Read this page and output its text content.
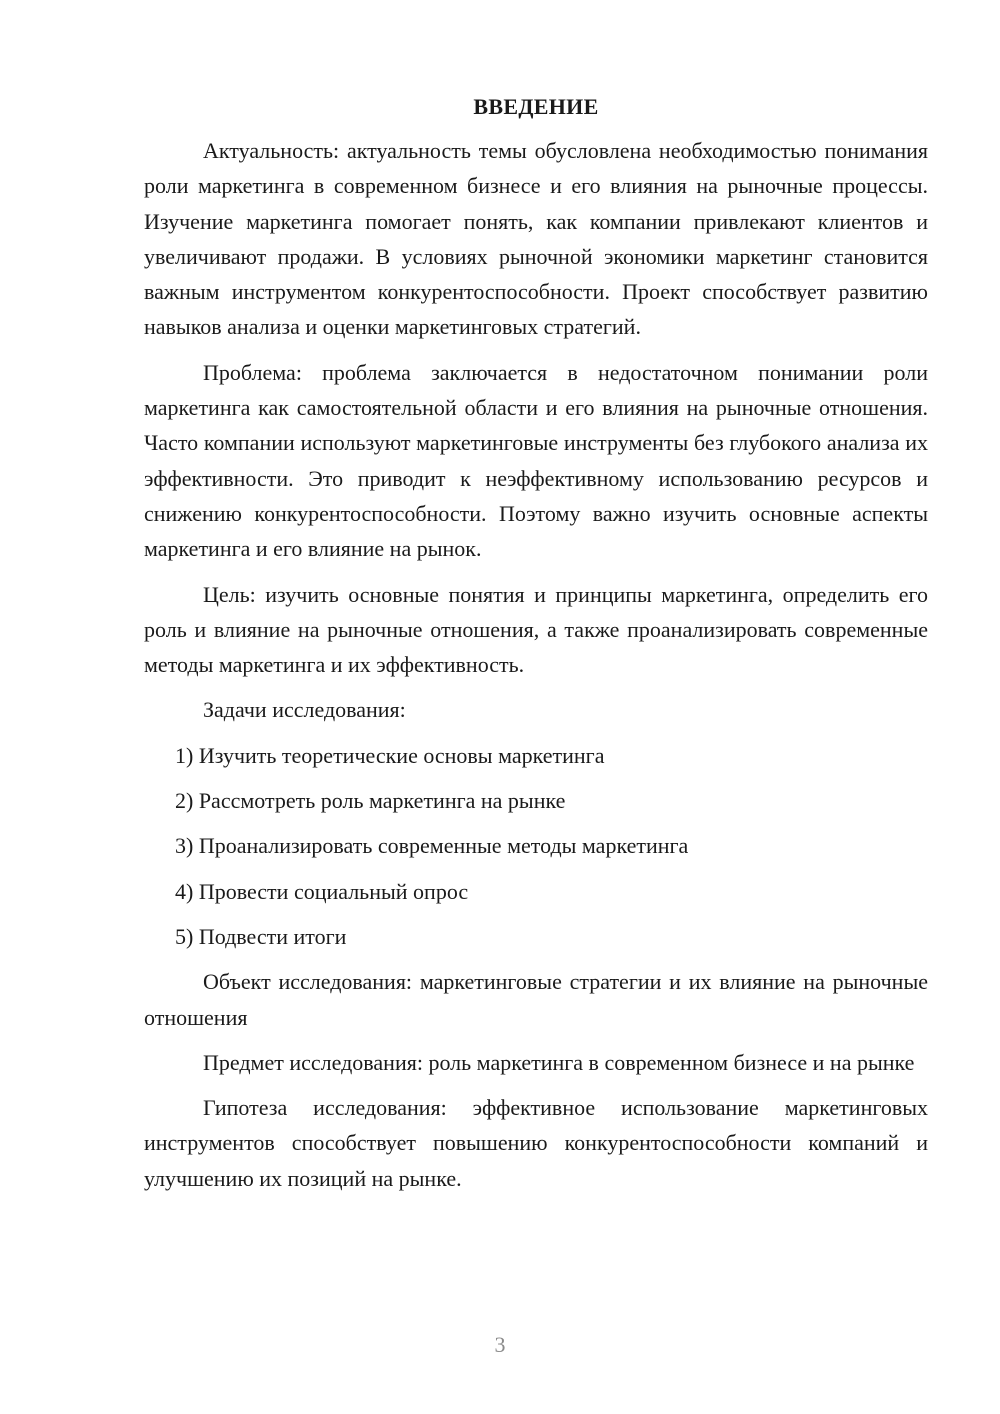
ВВЕДЕНИЕ

Актуальность: актуальность темы обусловлена необходимостью понимания роли маркетинга в современном бизнесе и его влияния на рыночные процессы. Изучение маркетинга помогает понять, как компании привлекают клиентов и увеличивают продажи. В условиях рыночной экономики маркетинг становится важным инструментом конкурентоспособности. Проект способствует развитию навыков анализа и оценки маркетинговых стратегий.

Проблема: проблема заключается в недостаточном понимании роли маркетинга как самостоятельной области и его влияния на рыночные отношения. Часто компании используют маркетинговые инструменты без глубокого анализа их эффективности. Это приводит к неэффективному использованию ресурсов и снижению конкурентоспособности. Поэтому важно изучить основные аспекты маркетинга и его влияние на рынок.

Цель: изучить основные понятия и принципы маркетинга, определить его роль и влияние на рыночные отношения, а также проанализировать современные методы маркетинга и их эффективность.

Задачи исследования:

1) Изучить теоретические основы маркетинга
2) Рассмотреть роль маркетинга на рынке
3) Проанализировать современные методы маркетинга
4) Провести социальный опрос
5) Подвести итоги

Объект исследования: маркетинговые стратегии и их влияние на рыночные отношения

Предмет исследования: роль маркетинга в современном бизнесе и на рынке

Гипотеза исследования: эффективное использование маркетинговых инструментов способствует повышению конкурентоспособности компаний и улучшению их позиций на рынке.

3
